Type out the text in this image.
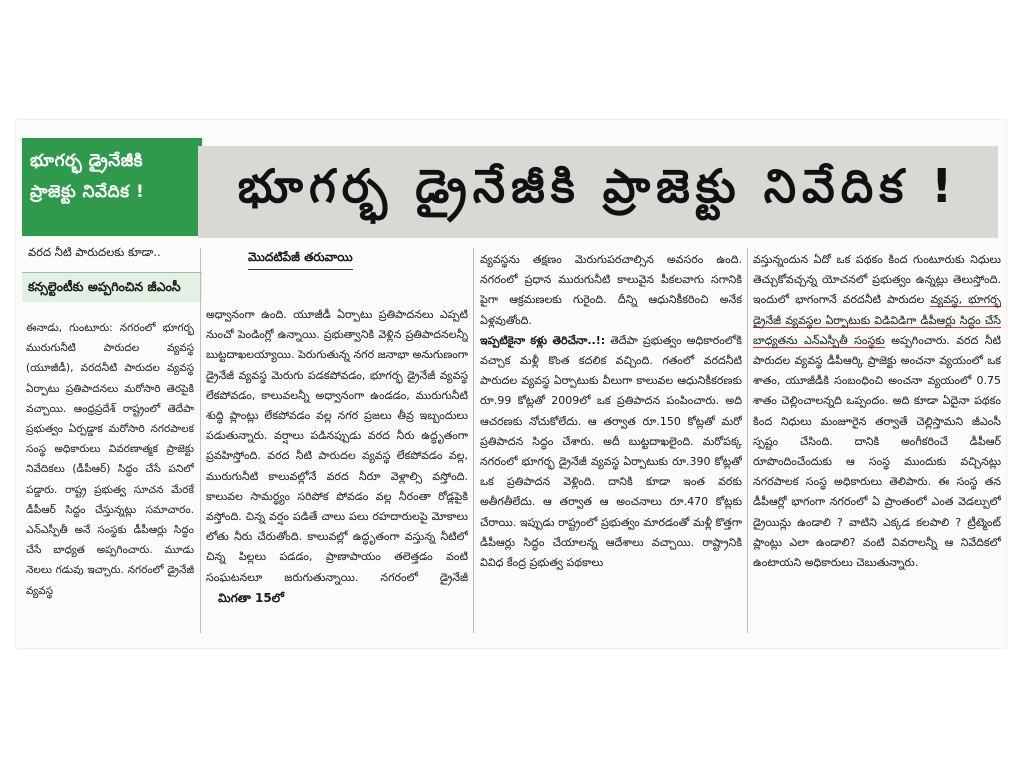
భూగర్భ డ్రైనేజీకి
ప్రాజెక్టు నివేదిక !
వరద నీటి పారుదలకు కూడా..
కన్సల్టెంటీకు అప్పగించిన జీఎంసీ
భూగర్భ డ్రైనేజీకి ప్రాజెక్టు నివేదిక !
మొదటిపేజీ తరువాయి

ఈనాడు, గుంటూరు: నగరంలో భూగర్భ మురుగునీటి పారుదల వ్యవస్థ (యూజీడీ), వరదనీటి పారుదల వ్యవస్థ ఏర్పాటు ప్రతిపాదనలు మరోసారి తెరపైకి వచ్చాయి. ఆంధ్రప్రదేశ్ రాష్ట్రంలో తెదేపా ప్రభుత్వం ఏర్పడ్డాక మరోసారి నగరపాలక సంస్థ అధికారులు వివరణాత్మక ప్రాజెక్టు నివేదికలు (డీపీఆర్) సిద్ధం చేసే పనిలో పడ్డారు. రాష్ట్ర ప్రభుత్వ సూచన మేరకే డీపీఆర్ సిద్ధం చేస్తున్నట్లు సమాచారం. ఎన్ఎస్పీతీ అనే సంస్థకు డీపీఆర్లు సిద్ధం చేసే బాధ్యత అప్పగించారు. మూడు నెలలు గడువు ఇచ్చారు. నగరంలో డ్రైనేజీ వ్యవస్థ

అధ్వానంగా ఉంది. యూజీడీ ఏర్పాటు ప్రతిపాదనలు ఎప్పటి నుంచో పెండింగ్లో ఉన్నాయి. ప్రభుత్వానికి వెళ్లిన ప్రతిపాదనలన్నీ బుట్టదాఖలయ్యాయి. పెరుగుతున్న నగర జనాభా అనుగుణంగా డ్రైనేజీ వ్యవస్థ మెరుగు పడకపోవడం, భూగర్భ డ్రైనేజీ వ్యవస్థ లేకపోవడం, కాలువలన్నీ అధ్వానంగా ఉండడం, మురుగునీటి శుద్ధి ప్లాంట్లు లేకపోవడం వల్ల నగర ప్రజలు తీవ్ర ఇబ్బందులు పడుతున్నారు. వర్షాలు పడినప్పుడు వరద నీరు ఉద్ధృతంగా ప్రవహిస్తోంది. వరద నీటి పారుదల వ్యవస్థ లేకపోవడం వల్ల, మురుగునీటి కాలువల్లోనే వరద నీరూ వెళ్లాల్సి వస్తోంది. కాలువల సామర్థ్యం సరిపోక పోవడం వల్ల నీరంతా రోడ్లపైకి వస్తోంది. చిన్న వర్షం పడితే చాలు పలు రహదారులపై మోకాలు లోతు నీరు చేరుతోంది. కాలువల్లో ఉద్ధృతంగా వస్తున్న నీటిలో చిన్న పిల్లలు పడడం, ప్రాణాపాయం తలెత్తడం వంటి సంఘటనలూ జరుగుతున్నాయి. నగరంలో డ్రైనేజీ మిగతా 15లో

వ్యవస్థను తక్షణం మెరుగుపరచాల్సిన అవసరం ఉంది. నగరంలో ప్రధాన మురుగునీటి కాలువైన పీకలవాగు సగానికి పైగా ఆక్రమణలకు గురైంది. దీన్ని ఆధునికీకరించి అనేక ఏళ్లవుతోంది.

ఇప్పటికైనా కళ్లు తెరిచేనా..!: తెదేపా ప్రభుత్వం అధికారంలోకి వచ్చాక మళ్లీ కొంత కదలిక వచ్చింది. గతంలో వరదనీటి పారుదల వ్యవస్థ ఏర్పాటుకు వీలుగా కాలువల ఆధునికీకరణకు రూ.99 కోట్లతో 2009లో ఒక ప్రతిపాదన పంపించారు. అది ఆచరణకు నోచుకోలేదు. ఆ తర్వాత రూ.150 కోట్లతో మరో ప్రతిపాదన సిద్ధం చేశారు. అదీ బుట్టదాఖలైంది. మరోపక్క నగరంలో భూగర్భ డ్రైనేజీ వ్యవస్థ ఏర్పాటుకు రూ.390 కోట్లతో ఒక ప్రతిపాదన వెళ్లింది. దానికి కూడా ఇంత వరకు అతీగతీలేదు. ఆ తర్వాత ఆ అంచనాలు రూ.470 కోట్లకు చేరాయి. ఇప్పుడు రాష్ట్రంలో ప్రభుత్వం మారడంతో మళ్లీ కొత్తగా డీపీఆర్లు సిద్ధం చేయాలన్న ఆదేశాలు వచ్చాయి. రాష్ట్రానికి వివిధ కేంద్ర ప్రభుత్వ పథకాలు

వస్తున్నందున ఏదో ఒక పథకం కింద గుంటూరుకు నిధులు తెచ్చుకోవచ్చన్న యోచనలో ప్రభుత్వం ఉన్నట్లు తెలుస్తోంది. ఇందులో భాగంగానే వరదనీటి పారుదల వ్యవస్థ, భూగర్భ డ్రైనేజీ వ్యవస్థల ఏర్పాటుకు విడివిడిగా డీపీఆర్లు సిద్ధం చేసే బాధ్యతను ఎన్ఎస్పీతీ సంస్థకు అప్పగించారు. వరద నీటి పారుదల వ్యవస్థ డీపీఆర్కి ప్రాజెక్టు అంచనా వ్యయంలో ఒక శాతం, యూజీడీకి సంబంధించి అంచనా వ్యయంలో 0.75 శాతం చెల్లించాలన్నది ఒప్పందం. అది కూడా ఏదైనా పథకం కింద నిధులు మంజూరైన తర్వాతే చెల్లిస్తామని జీఎంసీ స్పష్టం చేసింది. దానికి అంగీకరించే డీపీఆర్ రూపొందించేందుకు ఆ సంస్థ ముందుకు వచ్చినట్లు నగరపాలక సంస్థ అధికారులు తెలిపారు. ఈ సంస్థ తన డీపీఆర్లో భాగంగా నగరంలో ఏ ప్రాంతంలో ఎంత వెడల్పులో డ్రైయిన్లు ఉండాలి ? వాటిని ఎక్కడ కలపాలి ? ట్రీట్మెంట్ ప్లాంట్లు ఎలా ఉండాలి? వంటి వివరాలన్నీ ఆ నివేదికలో ఉంటాయని అధికారులు చెబుతున్నారు.
